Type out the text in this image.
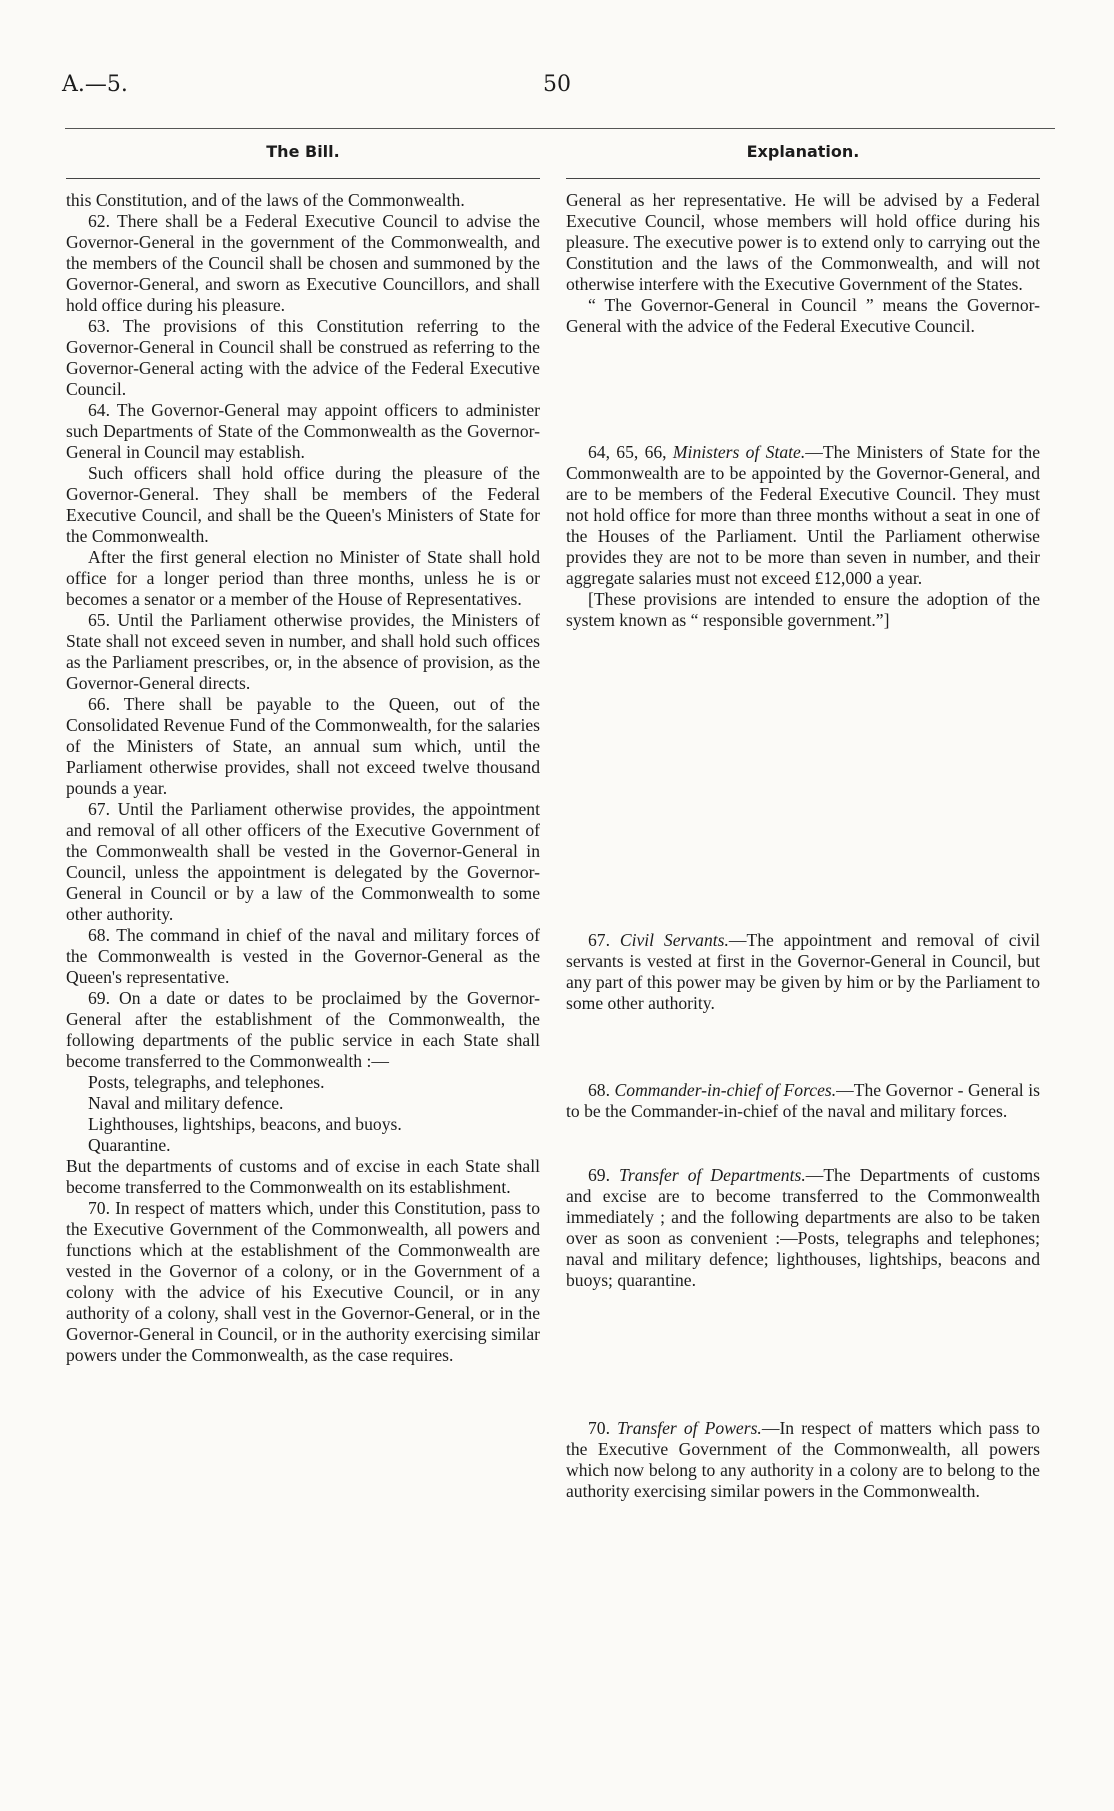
A.—5.	50
The Bill.	Explanation.

this Constitution, and of the laws of the Commonwealth.

62. There shall be a Federal Executive Council to advise the Governor-General in the government of the Commonwealth, and the members of the Council shall be chosen and summoned by the Governor-General, and sworn as Executive Councillors, and shall hold office during his pleasure.

63. The provisions of this Constitution referring to the Governor-General in Council shall be construed as referring to the Governor-General acting with the advice of the Federal Executive Council.

64. The Governor-General may appoint officers to administer such Departments of State of the Commonwealth as the Governor-General in Council may establish.

Such officers shall hold office during the pleasure of the Governor-General. They shall be members of the Federal Executive Council, and shall be the Queen's Ministers of State for the Commonwealth.

After the first general election no Minister of State shall hold office for a longer period than three months, unless he is or becomes a senator or a member of the House of Representatives.

65. Until the Parliament otherwise provides, the Ministers of State shall not exceed seven in number, and shall hold such offices as the Parliament prescribes, or, in the absence of provision, as the Governor-General directs.

66. There shall be payable to the Queen, out of the Consolidated Revenue Fund of the Commonwealth, for the salaries of the Ministers of State, an annual sum which, until the Parliament otherwise provides, shall not exceed twelve thousand pounds a year.

67. Until the Parliament otherwise provides, the appointment and removal of all other officers of the Executive Government of the Commonwealth shall be vested in the Governor-General in Council, unless the appointment is delegated by the Governor-General in Council or by a law of the Commonwealth to some other authority.

68. The command in chief of the naval and military forces of the Commonwealth is vested in the Governor-General as the Queen's representative.

69. On a date or dates to be proclaimed by the Governor-General after the establishment of the Commonwealth, the following departments of the public service in each State shall become transferred to the Commonwealth :—

Posts, telegraphs, and telephones.

Naval and military defence.

Lighthouses, lightships, beacons, and buoys.

Quarantine.

But the departments of customs and of excise in each State shall become transferred to the Commonwealth on its establishment.

70. In respect of matters which, under this Constitution, pass to the Executive Government of the Commonwealth, all powers and functions which at the establishment of the Commonwealth are vested in the Governor of a colony, or in the Government of a colony with the advice of his Executive Council, or in any authority of a colony, shall vest in the Governor-General, or in the Governor-General in Council, or in the authority exercising similar powers under the Commonwealth, as the case requires.

General as her representative. He will be advised by a Federal Executive Council, whose members will hold office during his pleasure. The executive power is to extend only to carrying out the Constitution and the laws of the Commonwealth, and will not otherwise interfere with the Executive Government of the States.

“ The Governor-General in Council ” means the Governor-General with the advice of the Federal Executive Council.

64, 65, 66, Ministers of State.—The Ministers of State for the Commonwealth are to be appointed by the Governor-General, and are to be members of the Federal Executive Council. They must not hold office for more than three months without a seat in one of the Houses of the Parliament. Until the Parliament otherwise provides they are not to be more than seven in number, and their aggregate salaries must not exceed £12,000 a year.

[These provisions are intended to ensure the adoption of the system known as “ responsible government.”]

67. Civil Servants.—The appointment and removal of civil servants is vested at first in the Governor-General in Council, but any part of this power may be given by him or by the Parliament to some other authority.

68. Commander-in-chief of Forces.—The Governor - General is to be the Commander-in-chief of the naval and military forces.

69. Transfer of Departments.—The Departments of customs and excise are to become transferred to the Commonwealth immediately ; and the following departments are also to be taken over as soon as convenient :—Posts, telegraphs and telephones; naval and military defence; lighthouses, lightships, beacons and buoys; quarantine.

70. Transfer of Powers.—In respect of matters which pass to the Executive Government of the Commonwealth, all powers which now belong to any authority in a colony are to belong to the authority exercising similar powers in the Commonwealth.
